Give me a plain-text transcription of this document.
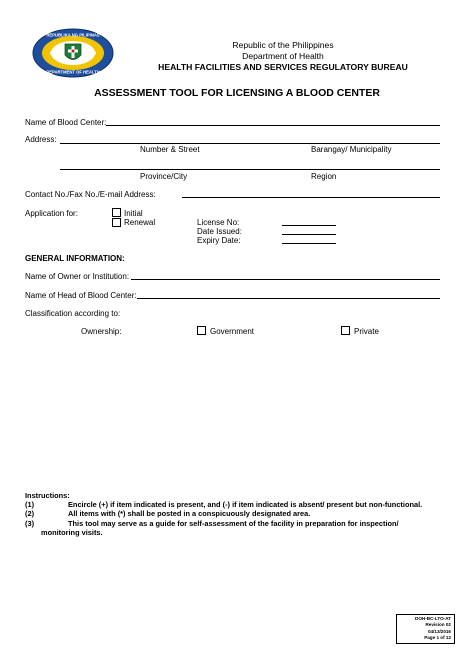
REPUBLIKA NG PILIPINAS
DEPARTMENT OF HEALTH
Republic of the Philippines
Department of Health
HEALTH FACILITIES AND SERVICES REGULATORY BUREAU
ASSESSMENT TOOL FOR LICENSING A BLOOD CENTER
Name of Blood Center:
Address:
Number & Street	Barangay/ Municipality
Province/City	Region
Contact No./Fax No./E-mail Address:
Application for:	Initial
Renewal	License No:
Date Issued:
Expiry Date:
GENERAL INFORMATION:
Name of Owner or Institution:
Name of Head of Blood Center:
Classification according to:
Ownership:	Government	Private
Instructions:
(1)	Encircle (+) if item indicated is present, and (-) if item indicated is absent/ present but non-functional.
(2)	All items with (*) shall be posted in a conspicuously designated area.
(3)	This tool may serve as a guide for self-assessment of the facility in preparation for inspection/
monitoring visits.
DOH-BC-LTO-AT
Revision 02
04/13/2016
Page 1 of 12
